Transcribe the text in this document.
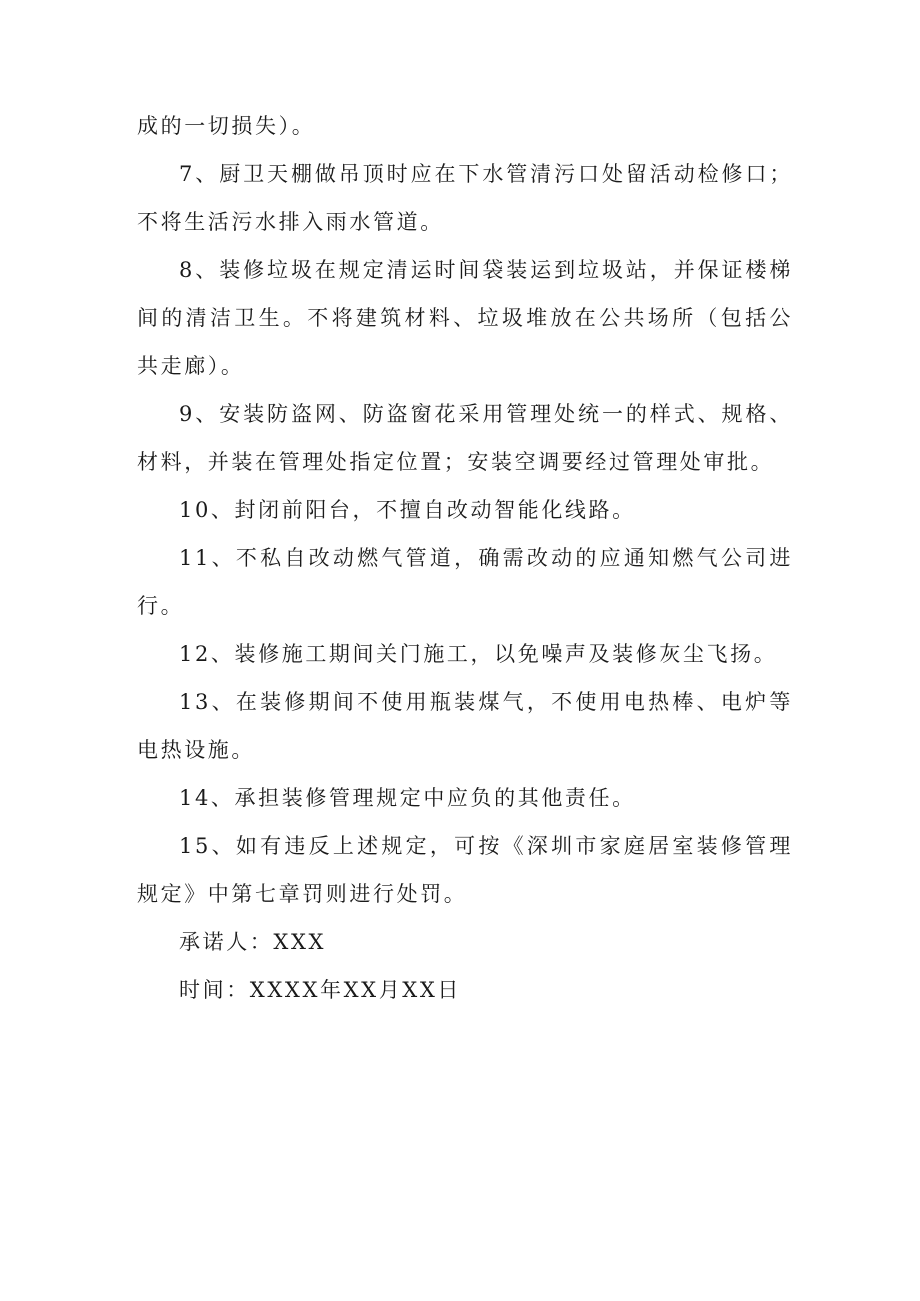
成的一切损失）。

7、厨卫天棚做吊顶时应在下水管清污口处留活动检修口；不将生活污水排入雨水管道。

8、装修垃圾在规定清运时间袋装运到垃圾站，并保证楼梯间的清洁卫生。不将建筑材料、垃圾堆放在公共场所（包括公共走廊）。

9、安装防盗网、防盗窗花采用管理处统一的样式、规格、材料，并装在管理处指定位置；安装空调要经过管理处审批。

10、封闭前阳台，不擅自改动智能化线路。

11、不私自改动燃气管道，确需改动的应通知燃气公司进行。

12、装修施工期间关门施工，以免噪声及装修灰尘飞扬。

13、在装修期间不使用瓶装煤气，不使用电热棒、电炉等电热设施。

14、承担装修管理规定中应负的其他责任。

15、如有违反上述规定，可按《深圳市家庭居室装修管理规定》中第七章罚则进行处罚。

承诺人：XXX

时间：XXXX年XX月XX日
